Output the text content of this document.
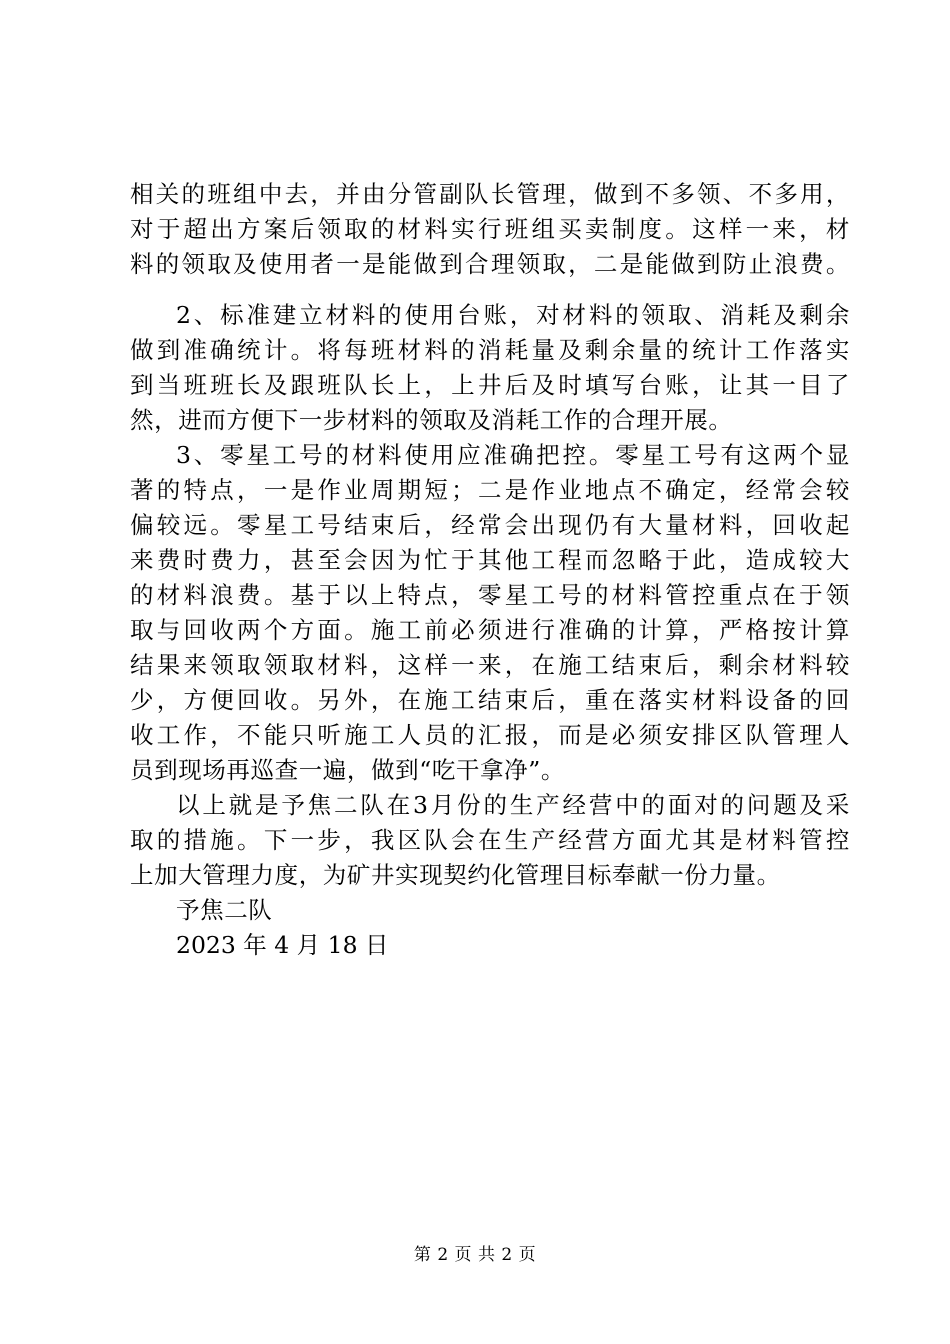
相关的班组中去，并由分管副队长管理，做到不多领、不多用，
对于超出方案后领取的材料实行班组买卖制度。这样一来，材
料的领取及使用者一是能做到合理领取，二是能做到防止浪费。
2、标准建立材料的使用台账，对材料的领取、消耗及剩余
做到准确统计。将每班材料的消耗量及剩余量的统计工作落实
到当班班长及跟班队长上，上井后及时填写台账，让其一目了
然，进而方便下一步材料的领取及消耗工作的合理开展。
3、零星工号的材料使用应准确把控。零星工号有这两个显
著的特点，一是作业周期短；二是作业地点不确定，经常会较
偏较远。零星工号结束后，经常会出现仍有大量材料，回收起
来费时费力，甚至会因为忙于其他工程而忽略于此，造成较大
的材料浪费。基于以上特点，零星工号的材料管控重点在于领
取与回收两个方面。施工前必须进行准确的计算，严格按计算
结果来领取领取材料，这样一来，在施工结束后，剩余材料较
少，方便回收。另外，在施工结束后，重在落实材料设备的回
收工作，不能只听施工人员的汇报，而是必须安排区队管理人
员到现场再巡查一遍，做到“吃干拿净”。
以上就是予焦二队在3月份的生产经营中的面对的问题及采
取的措施。下一步，我区队会在生产经营方面尤其是材料管控
上加大管理力度，为矿井实现契约化管理目标奉献一份力量。
予焦二队
2023 年 4 月 18 日
第 2 页 共 2 页
